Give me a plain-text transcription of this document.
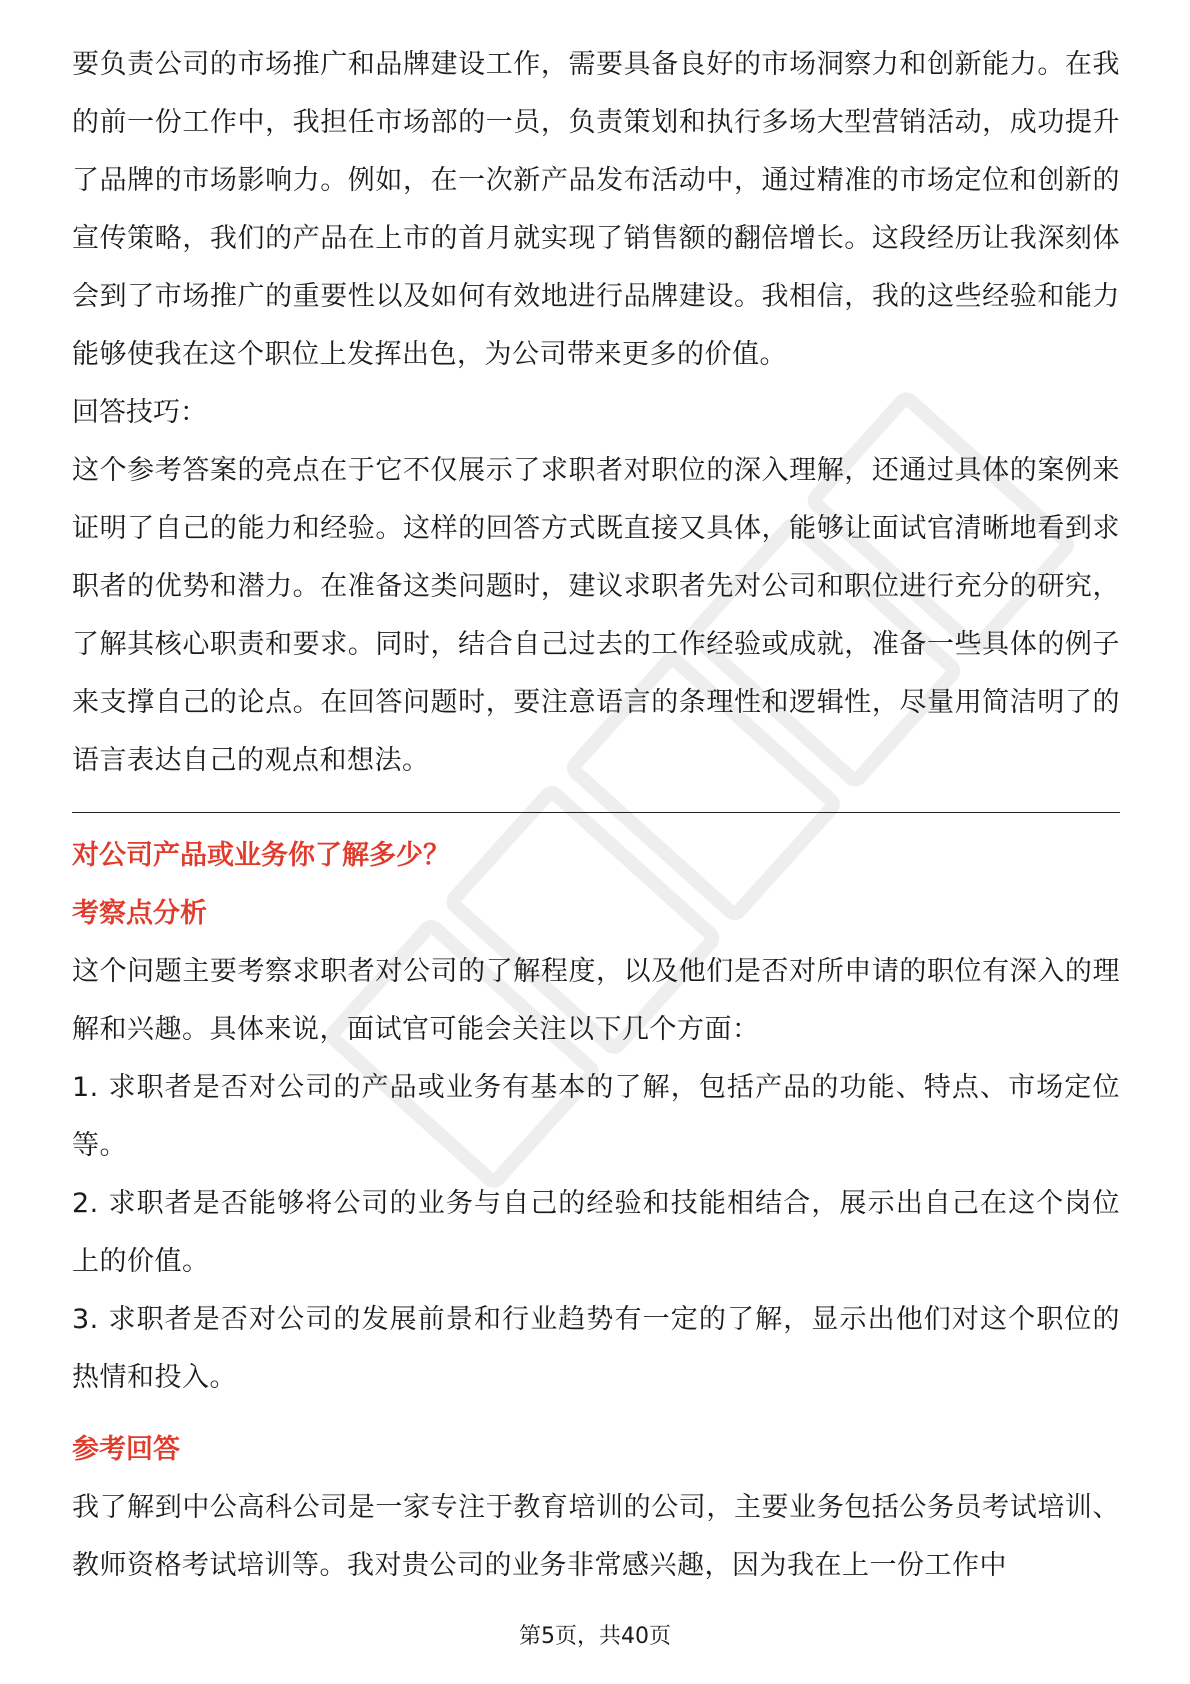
要负责公司的市场推广和品牌建设工作，需要具备良好的市场洞察力和创新能力。在我的前一份工作中，我担任市场部的一员，负责策划和执行多场大型营销活动，成功提升了品牌的市场影响力。例如，在一次新产品发布活动中，通过精准的市场定位和创新的宣传策略，我们的产品在上市的首月就实现了销售额的翻倍增长。这段经历让我深刻体会到了市场推广的重要性以及如何有效地进行品牌建设。我相信，我的这些经验和能力能够使我在这个职位上发挥出色，为公司带来更多的价值。

回答技巧：

这个参考答案的亮点在于它不仅展示了求职者对职位的深入理解，还通过具体的案例来证明了自己的能力和经验。这样的回答方式既直接又具体，能够让面试官清晰地看到求职者的优势和潜力。在准备这类问题时，建议求职者先对公司和职位进行充分的研究，了解其核心职责和要求。同时，结合自己过去的工作经验或成就，准备一些具体的例子来支撑自己的论点。在回答问题时，要注意语言的条理性和逻辑性，尽量用简洁明了的语言表达自己的观点和想法。

对公司产品或业务你了解多少？

考察点分析

这个问题主要考察求职者对公司的了解程度，以及他们是否对所申请的职位有深入的理解和兴趣。具体来说，面试官可能会关注以下几个方面：

1. 求职者是否对公司的产品或业务有基本的了解，包括产品的功能、特点、市场定位等。

2. 求职者是否能够将公司的业务与自己的经验和技能相结合，展示出自己在这个岗位上的价值。

3. 求职者是否对公司的发展前景和行业趋势有一定的了解，显示出他们对这个职位的热情和投入。

参考回答

我了解到中公高科公司是一家专注于教育培训的公司，主要业务包括公务员考试培训、教师资格考试培训等。我对贵公司的业务非常感兴趣，因为我在上一份工作中

第5页，共40页
